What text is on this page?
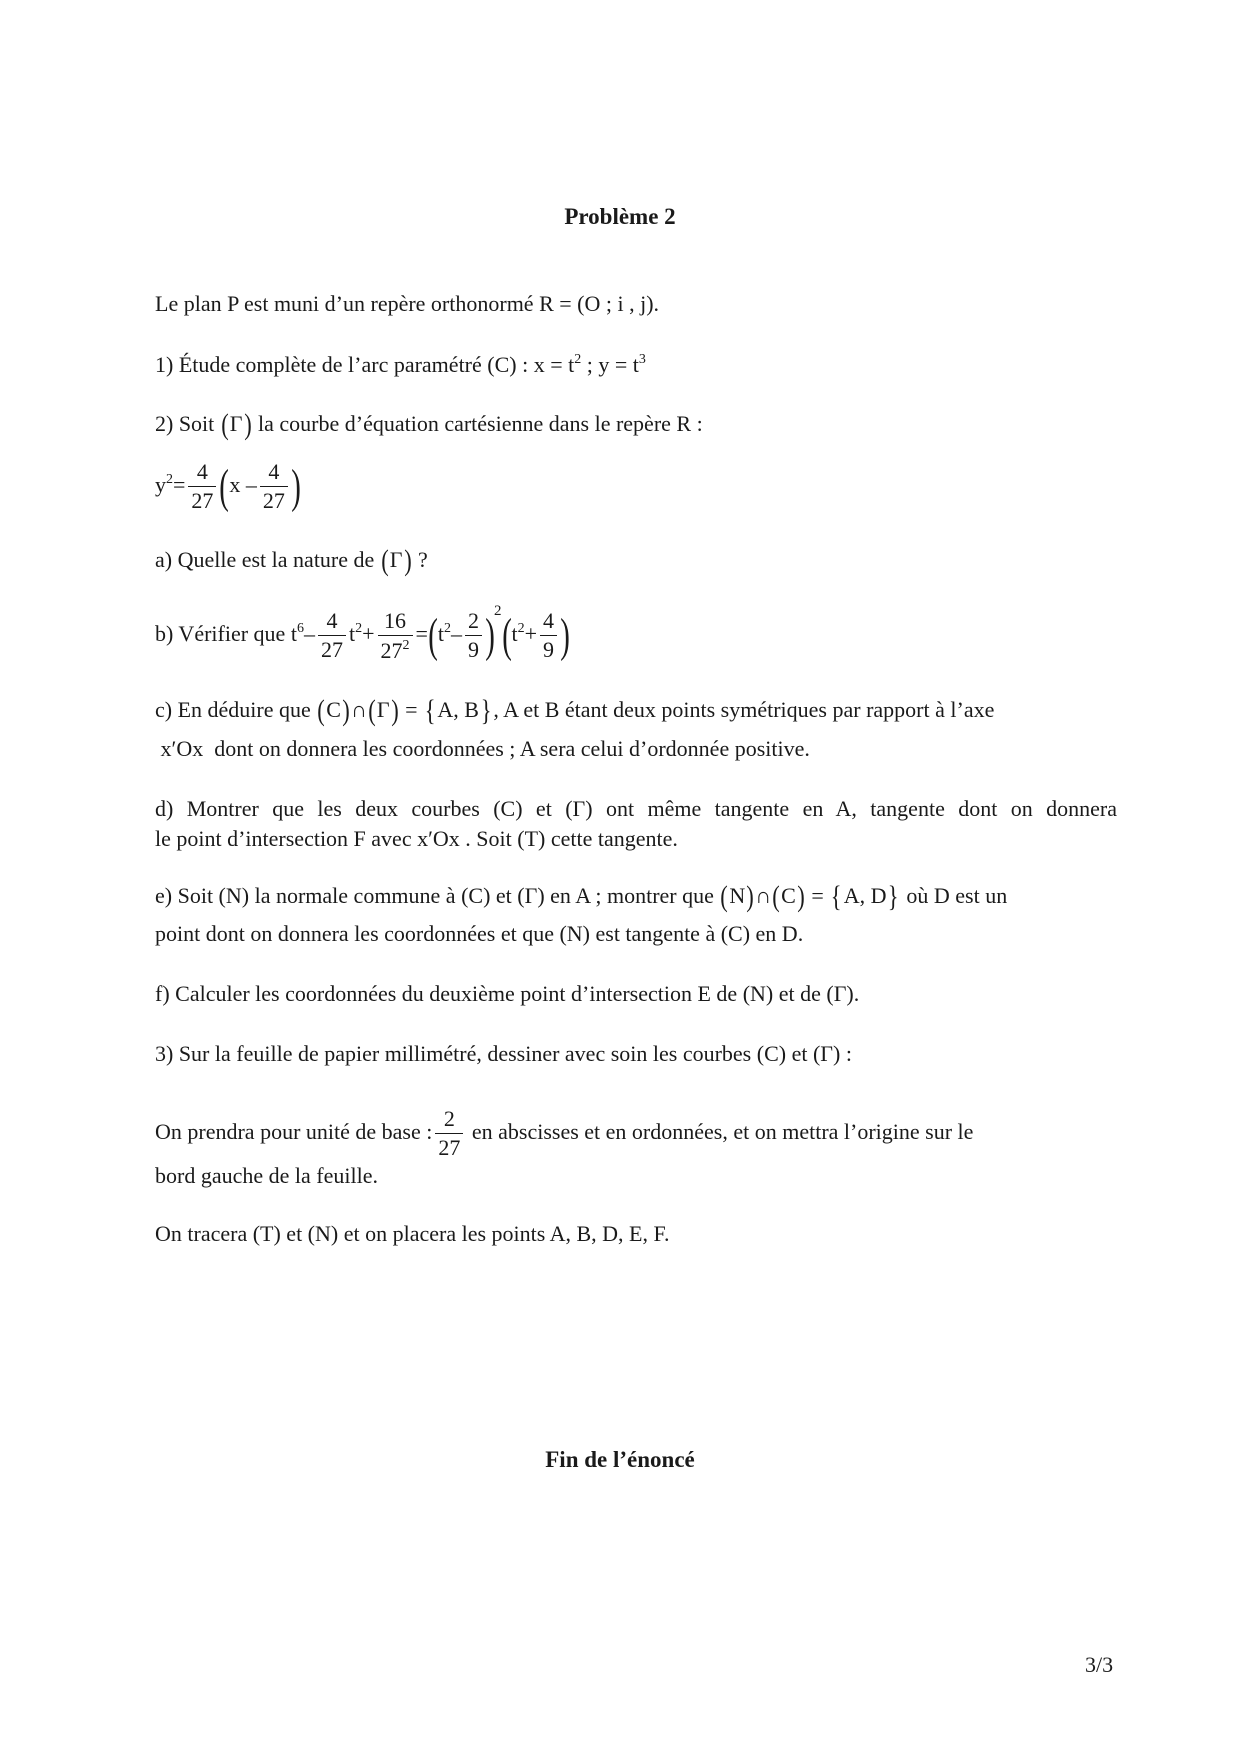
Problème 2
Le plan P est muni d’un repère orthonormé R = (O ; i , j).
1) Étude complète de l’arc paramétré (C) : $x = t^2$ ; $y = t^3$
2) Soit (Γ) la courbe d’équation cartésienne dans le repère R :
$y^2= \frac{4}{27} (x - \frac{4}{27}$ )
a) Quelle est la nature de (Γ) ?
b) Vérifier que $t^6- \frac{4}{27} t^2+ \frac{16}{27^2} =(t^2- \frac{2}{9} )^2(t^2+ \frac{4}{9}$ )
c) En déduire que (C)∩(Γ) = {A, B}, A et B étant deux points symétriques par rapport à l’axe
x′Ox dont on donnera les coordonnées ; A sera celui d’ordonnée positive.
d) Montrer que les deux courbes (C) et (Γ) ont même tangente en A, tangente dont on donnera
le point d’intersection F avec x′Ox . Soit (T) cette tangente.
e) Soit (N) la normale commune à (C) et (Γ) en A ; montrer que (N)∩(C) = {A, D} où D est un
point dont on donnera les coordonnées et que (N) est tangente à (C) en D.
f) Calculer les coordonnées du deuxième point d’intersection E de (N) et de (Γ).
3) Sur la feuille de papier millimétré, dessiner avec soin les courbes (C) et (Γ) :
On prendra pour unité de base : $\frac{2}{27}$ en abscisses et en ordonnées, et on mettra l’origine sur le
bord gauche de la feuille.
On tracera (T) et (N) et on placera les points A, B, D, E, F.
Fin de l’énoncé
3/3
